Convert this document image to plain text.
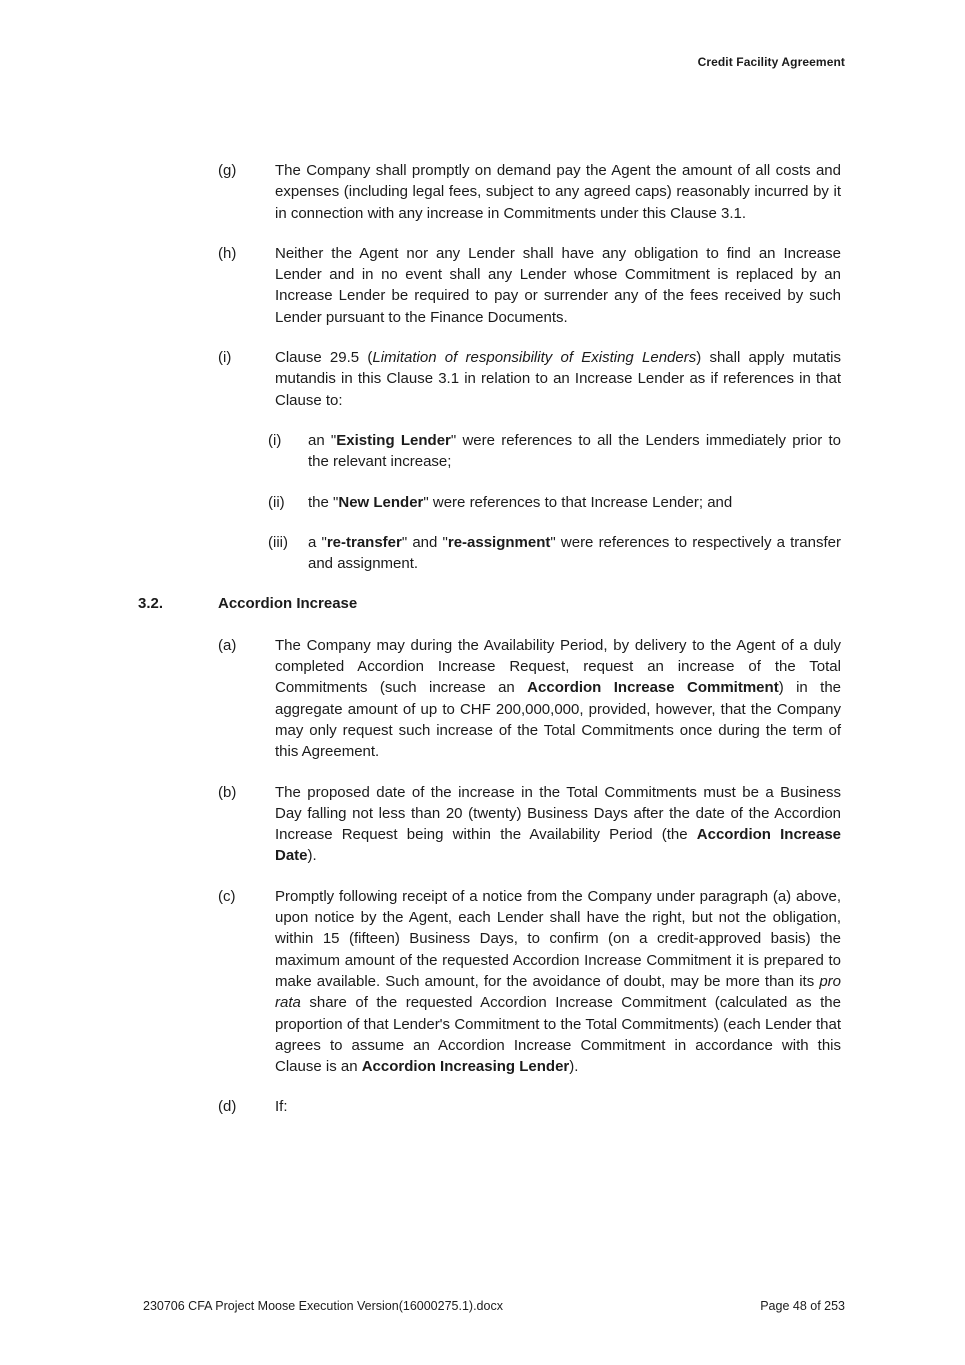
Credit Facility Agreement
(g)	The Company shall promptly on demand pay the Agent the amount of all costs and expenses (including legal fees, subject to any agreed caps) reasonably incurred by it in connection with any increase in Commitments under this Clause 3.1.
(h)	Neither the Agent nor any Lender shall have any obligation to find an Increase Lender and in no event shall any Lender whose Commitment is replaced by an Increase Lender be required to pay or surrender any of the fees received by such Lender pursuant to the Finance Documents.
(i)	Clause 29.5 (Limitation of responsibility of Existing Lenders) shall apply mutatis mutandis in this Clause 3.1 in relation to an Increase Lender as if references in that Clause to:
(i)	an "Existing Lender" were references to all the Lenders immediately prior to the relevant increase;
(ii)	the "New Lender" were references to that Increase Lender; and
(iii)	a "re-transfer" and "re-assignment" were references to respectively a transfer and assignment.
3.2.	Accordion Increase
(a)	The Company may during the Availability Period, by delivery to the Agent of a duly completed Accordion Increase Request, request an increase of the Total Commitments (such increase an Accordion Increase Commitment) in the aggregate amount of up to CHF 200,000,000, provided, however, that the Company may only request such increase of the Total Commitments once during the term of this Agreement.
(b)	The proposed date of the increase in the Total Commitments must be a Business Day falling not less than 20 (twenty) Business Days after the date of the Accordion Increase Request being within the Availability Period (the Accordion Increase Date).
(c)	Promptly following receipt of a notice from the Company under paragraph (a) above, upon notice by the Agent, each Lender shall have the right, but not the obligation, within 15 (fifteen) Business Days, to confirm (on a credit-approved basis) the maximum amount of the requested Accordion Increase Commitment it is prepared to make available. Such amount, for the avoidance of doubt, may be more than its pro rata share of the requested Accordion Increase Commitment (calculated as the proportion of that Lender's Commitment to the Total Commitments) (each Lender that agrees to assume an Accordion Increase Commitment in accordance with this Clause is an Accordion Increasing Lender).
(d)	If:
230706 CFA Project Moose Execution Version(16000275.1).docx	Page 48 of 253
